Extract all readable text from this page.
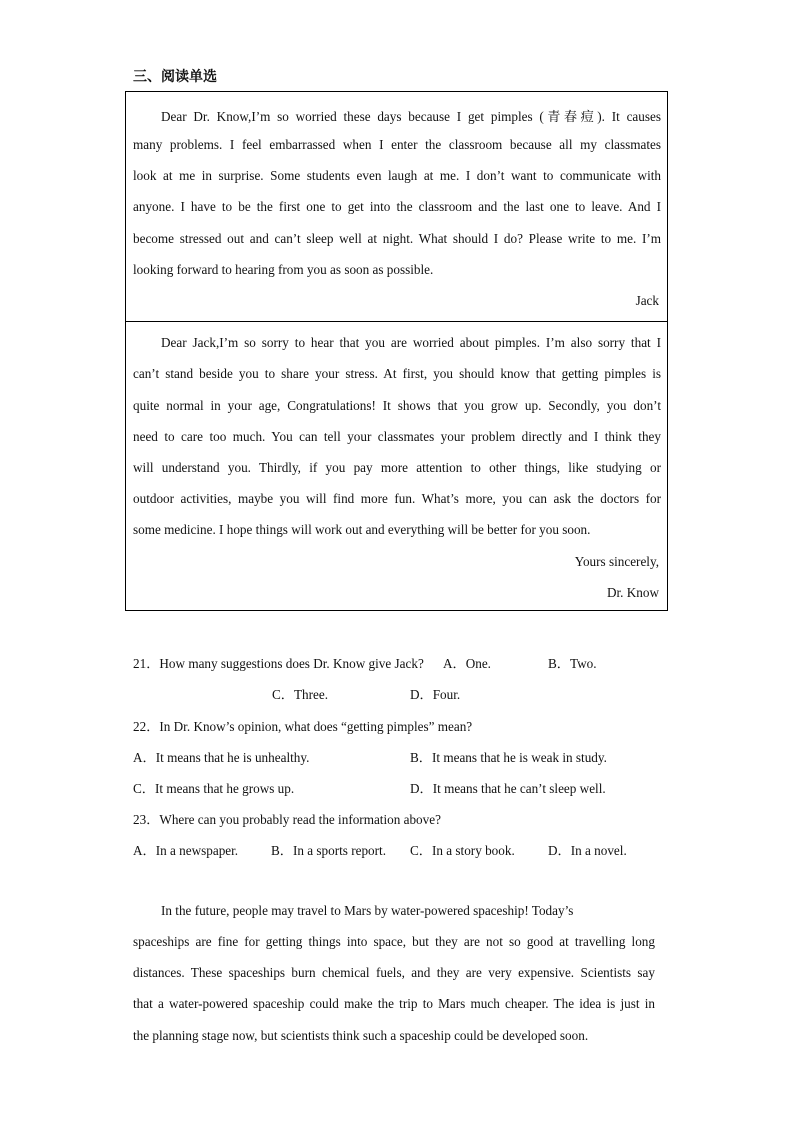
三、阅读单选
Dear Dr. Know,I’m so worried these days because I get pimples (青春痘). It causes
many problems. I feel embarrassed when I enter the classroom because all my classmates
look at me in surprise. Some students even laugh at me. I don’t want to communicate with
anyone. I have to be the first one to get into the classroom and the last one to leave. And I
become stressed out and can’t sleep well at night. What should I do? Please write to me. I’m
looking forward to hearing from you as soon as possible.
Jack
Dear Jack,I’m so sorry to hear that you are worried about pimples. I’m also sorry that I
can’t stand beside you to share your stress. At first, you should know that getting pimples is
quite normal in your age, Congratulations! It shows that you grow up. Secondly, you don’t
need to care too much. You can tell your classmates your problem directly and I think they
will understand you. Thirdly, if you pay more attention to other things, like studying or
outdoor activities, maybe you will find more fun. What’s more, you can ask the doctors for
some medicine. I hope things will work out and everything will be better for you soon.
Yours sincerely,
Dr. Know
21．How many suggestions does Dr. Know give Jack? A．One.	B．Two.
C．Three.	D．Four.
22．In Dr. Know’s opinion, what does “getting pimples” mean?
A．It means that he is unhealthy.	B．It means that he is weak in study.
C．It means that he grows up.	D．It means that he can’t sleep well.
23．Where can you probably read the information above?
A．In a newspaper. B．In a sports report. C．In a story book.	D．In a novel.
In the future, people may travel to Mars by water-powered spaceship! Today’s
spaceships are fine for getting things into space, but they are not so good at travelling long
distances. These spaceships burn chemical fuels, and they are very expensive. Scientists say
that a water-powered spaceship could make the trip to Mars much cheaper. The idea is just in
the planning stage now, but scientists think such a spaceship could be developed soon.
